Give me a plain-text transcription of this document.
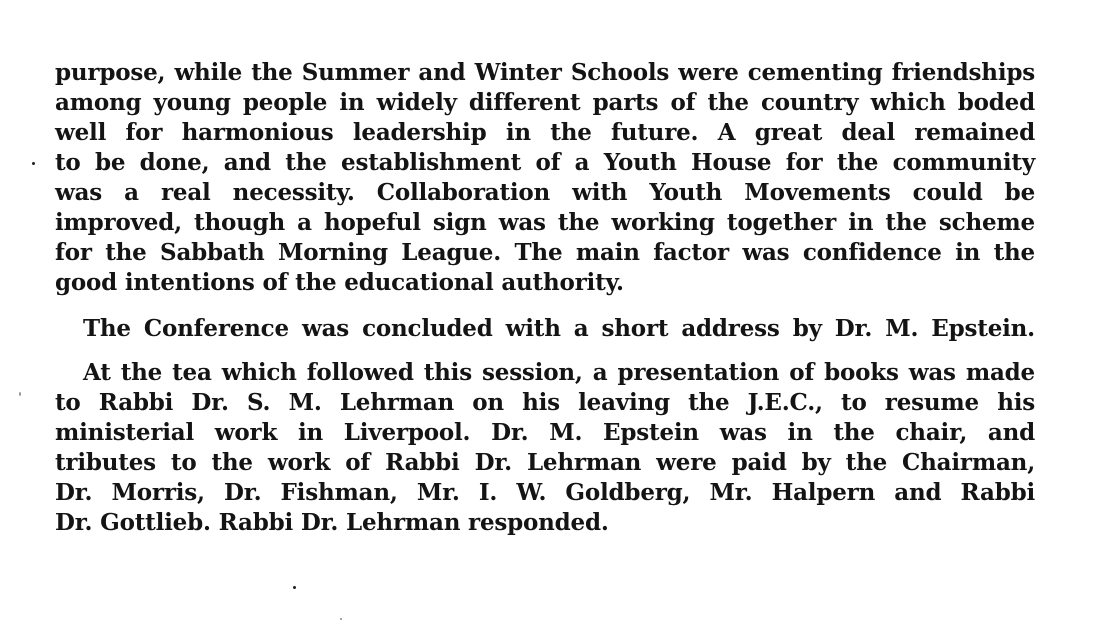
purpose, while the Summer and Winter Schools were cementing friendships
among young people in widely different parts of the country which boded
well for harmonious leadership in the future. A great deal remained
to be done, and the establishment of a Youth House for the community
was a real necessity. Collaboration with Youth Movements could be
improved, though a hopeful sign was the working together in the scheme
for the Sabbath Morning League. The main factor was confidence in the
good intentions of the educational authority.
The Conference was concluded with a short address by Dr. M. Epstein.
At the tea which followed this session, a presentation of books was made
to Rabbi Dr. S. M. Lehrman on his leaving the J.E.C., to resume his
ministerial work in Liverpool. Dr. M. Epstein was in the chair, and
tributes to the work of Rabbi Dr. Lehrman were paid by the Chairman,
Dr. Morris, Dr. Fishman, Mr. I. W. Goldberg, Mr. Halpern and Rabbi
Dr. Gottlieb. Rabbi Dr. Lehrman responded.
